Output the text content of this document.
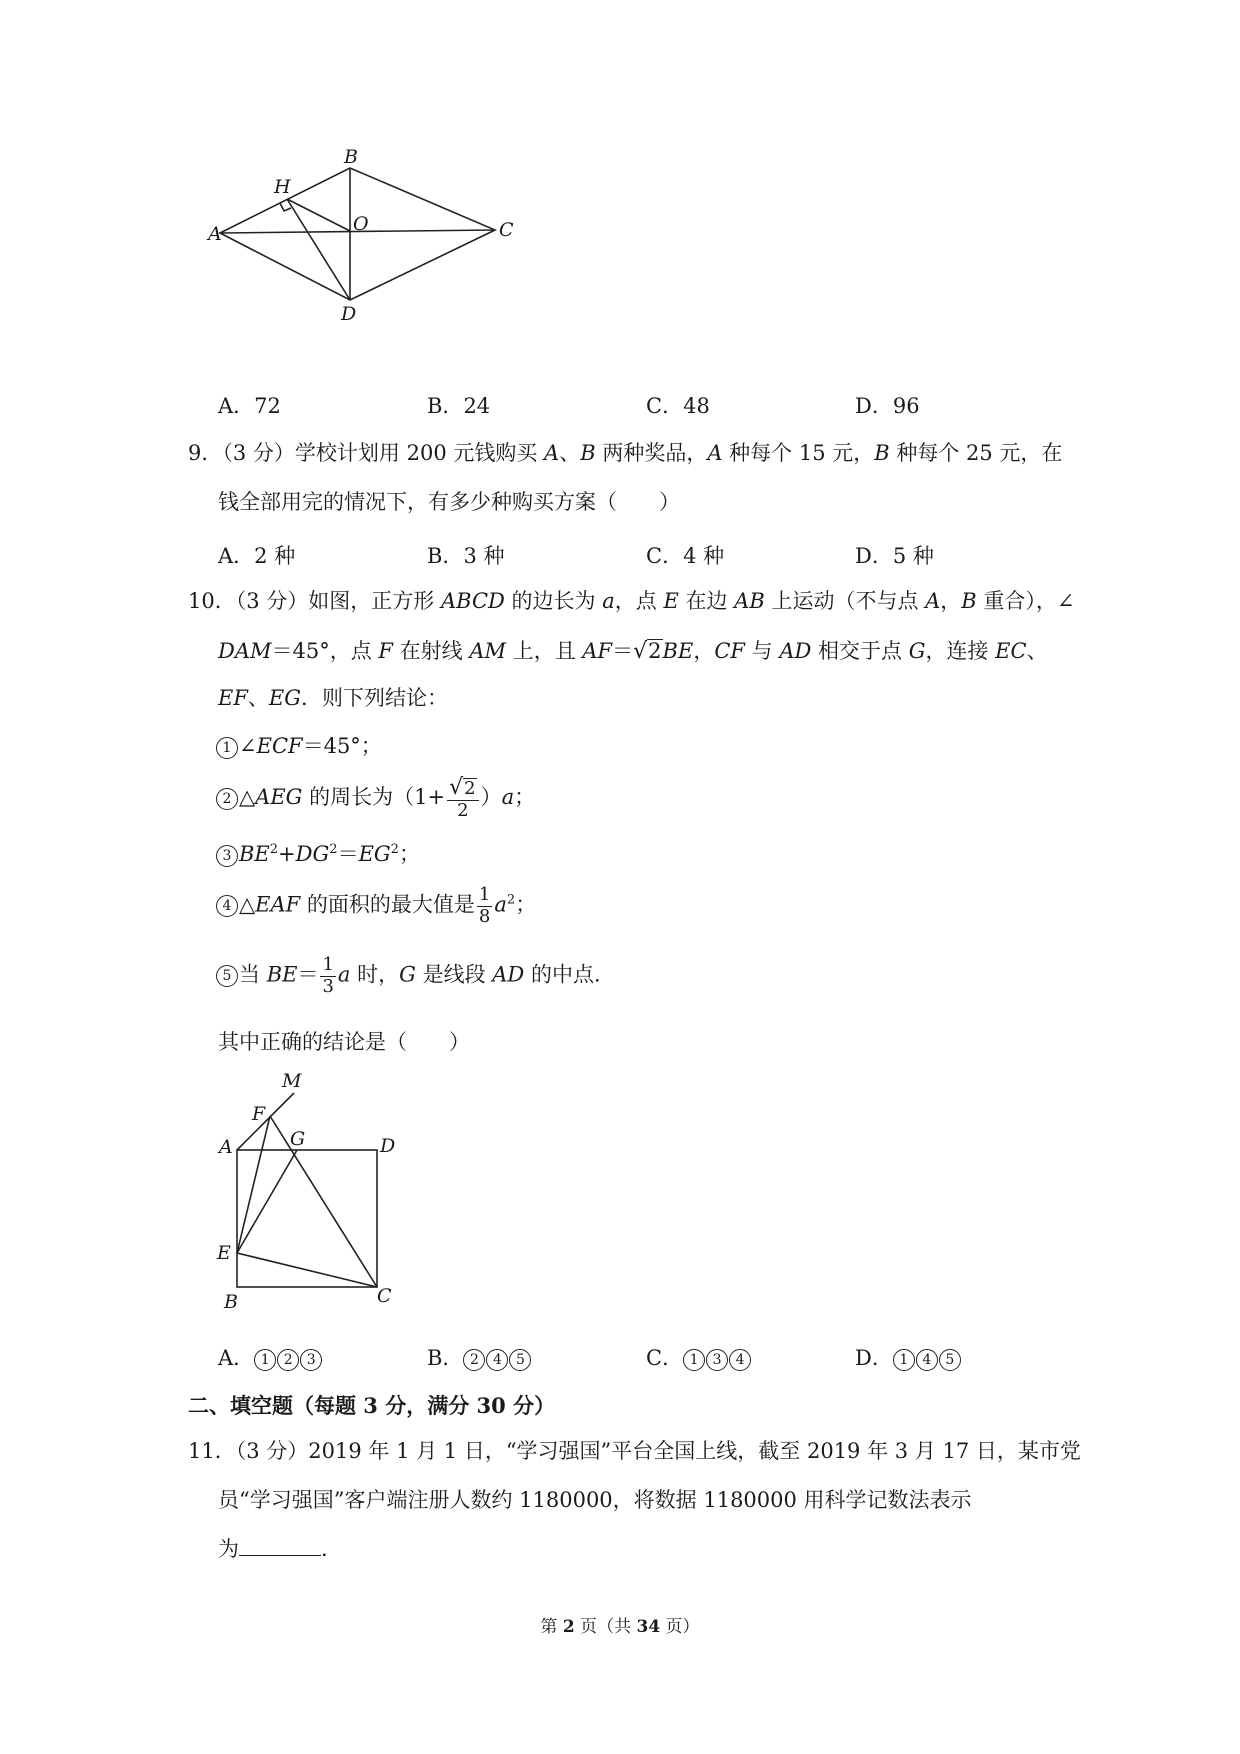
A
B
C
D
H
O
A．72	B．24	C．48	D．96
9．（3 分）学校计划用 200 元钱购买 A、B 两种奖品，A 种每个 15 元，B 种每个 25 元，在
钱全部用完的情况下，有多少种购买方案（　　）
A．2 种	B．3 种	C．4 种	D．5 种
10．（3 分）如图，正方形 ABCD 的边长为 a，点 E 在边 AB 上运动（不与点 A，B 重合），∠
DAM＝45°，点 F 在射线 AM 上，且 AF＝√2BE，CF 与 AD 相交于点 G，连接 EC、
EF、EG．则下列结论：
1 ∠ECF＝45°；
2 △AEG 的周长为$(1+ \frac{√2}{2} )a$；
3 $BE^2+DG^2=EG^2$；
4 △EAF 的面积的最大值是 $\frac{1}{8} a^2$；
5 当 $BE= \frac{1}{3}$ a 时，G 是线段 AD 的中点．
其中正确的结论是（　　）
M
F
A	G	D
E
B	C
A． 1 2 3	B． 2 4 5	C． 1 3 4	D． 1 4 5
二、填空题（每题 3 分，满分 30 分）
11．（3 分）2019 年 1 月 1 日，“学习强国”平台全国上线，截至 2019 年 3 月 17 日，某市党
员“学习强国”客户端注册人数约 1180000，将数据 1180000 用科学记数法表示
为	．
第 2 页（共 34 页）
